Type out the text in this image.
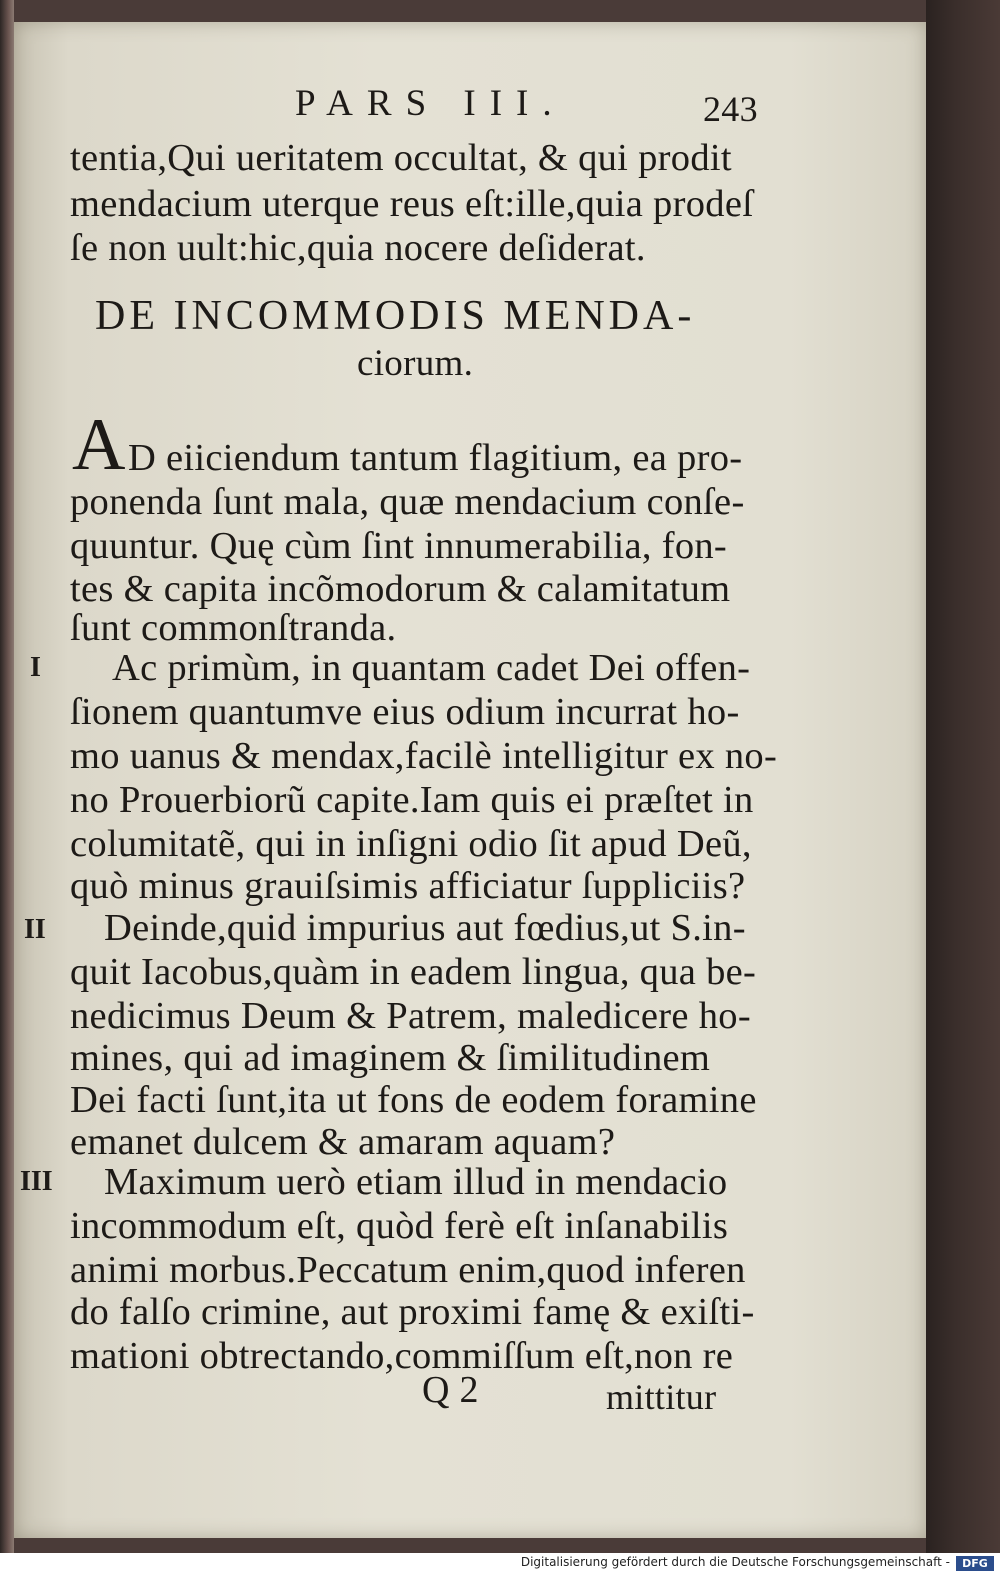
PARS III.	243
tentia,Qui ueritatem occultat, & qui prodit
mendacium uterque reus eſt:ille,quia prodeſ
ſe non uult:hic,quia nocere deſiderat.
DE INCOMMODIS MENDA-
ciorum.
A D eiiciendum tantum flagitium, ea pro-
ponenda ſunt mala, quæ mendacium conſe-
quuntur. Quę cùm ſint innumerabilia, fon-
tes & capita incõmodorum & calamitatum
ſunt commonſtranda.
I Ac primùm, in quantam cadet Dei offen-
ſionem quantumve eius odium incurrat ho-
mo uanus & mendax,facilè intelligitur ex no-
no Prouerbiorũ capite.Iam quis ei præſtet in
columitatẽ, qui in inſigni odio ſit apud Deũ,
quò minus grauiſsimis afficiatur ſuppliciis?
II Deinde,quid impurius aut fœdius,ut S.in-
quit Iacobus,quàm in eadem lingua, qua be-
nedicimus Deum & Patrem, maledicere ho-
mines, qui ad imaginem & ſimilitudinem
Dei facti ſunt,ita ut fons de eodem foramine
emanet dulcem & amaram aquam?
III Maximum uerò etiam illud in mendacio
incommodum eſt, quòd ferè eſt inſanabilis
animi morbus.Peccatum enim,quod inferen
do falſo crimine, aut proximi famę & exiſti-
mationi obtrectando,commiſſum eſt,non re
Q 2	mittitur
Digitalisierung gefördert durch die Deutsche Forschungsgemeinschaft -	DFG
